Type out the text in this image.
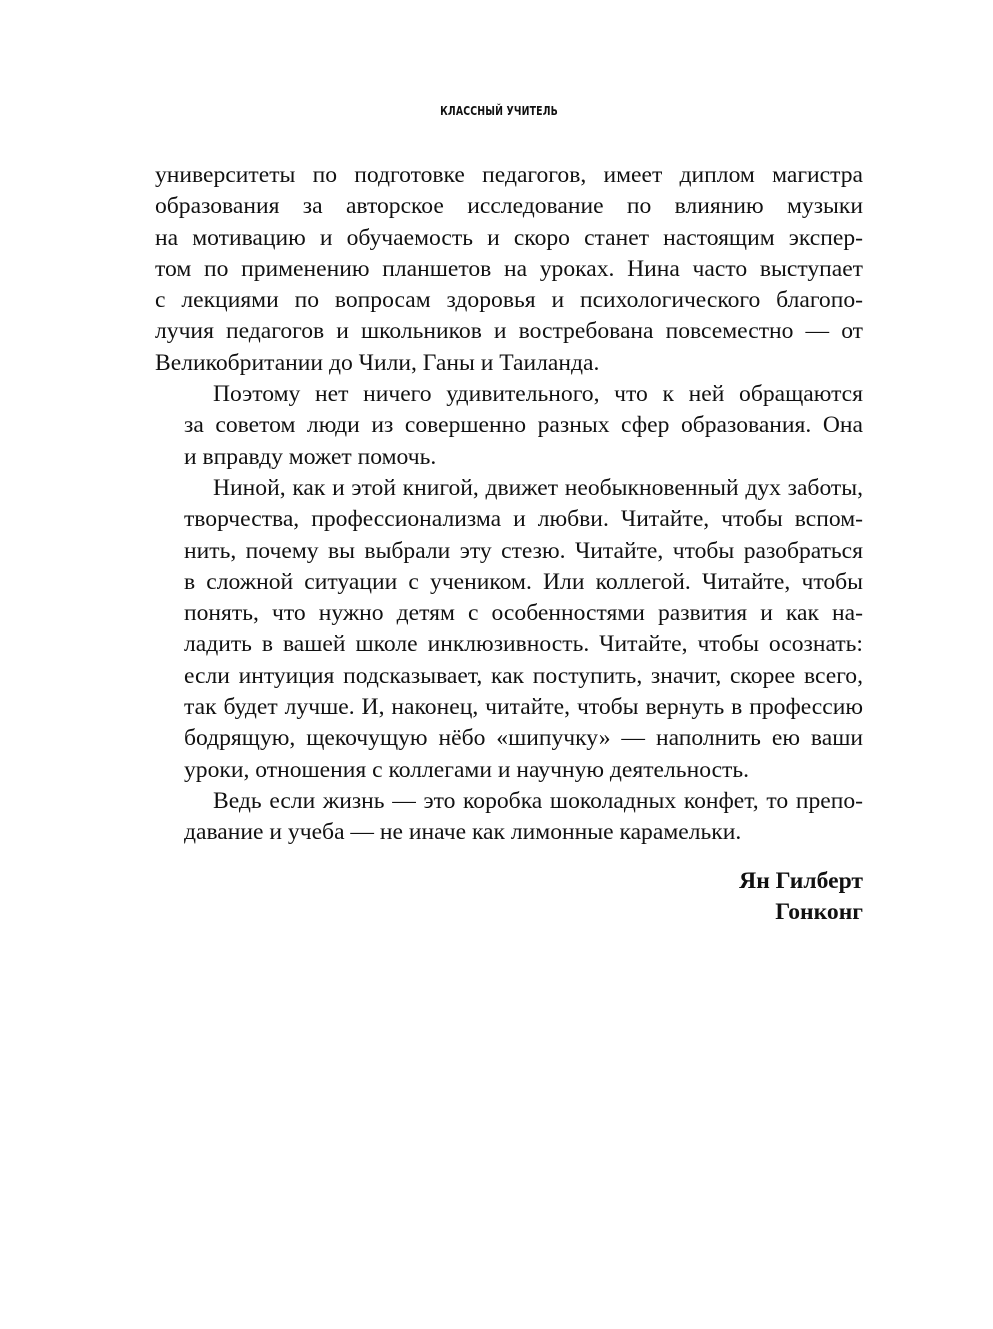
КЛАССНЫЙ УЧИТЕЛЬ

университеты по подготовке педагогов, имеет диплом магистра
образования за авторское исследование по влиянию музыки
на мотивацию и обучаемость и скоро станет настоящим экспер-
том по применению планшетов на уроках. Нина часто выступает
с лекциями по вопросам здоровья и психологического благопо-
лучия педагогов и школьников и востребована повсеместно — от
Великобритании до Чили, Ганы и Таиланда.

Поэтому нет ничего удивительного, что к ней обращаются
за советом люди из совершенно разных сфер образования. Она
и вправду может помочь.

Ниной, как и этой книгой, движет необыкновенный дух заботы,
творчества, профессионализма и любви. Читайте, чтобы вспом-
нить, почему вы выбрали эту стезю. Читайте, чтобы разобраться
в сложной ситуации с учеником. Или коллегой. Читайте, чтобы
понять, что нужно детям с особенностями развития и как на-
ладить в вашей школе инклюзивность. Читайте, чтобы осознать:
если интуиция подсказывает, как поступить, значит, скорее всего,
так будет лучше. И, наконец, читайте, чтобы вернуть в профессию
бодрящую, щекочущую нёбо «шипучку» — наполнить ею ваши
уроки, отношения с коллегами и научную деятельность.

Ведь если жизнь — это коробка шоколадных конфет, то препо-
давание и учеба — не иначе как лимонные карамельки.

Ян Гилберт
Гонконг
